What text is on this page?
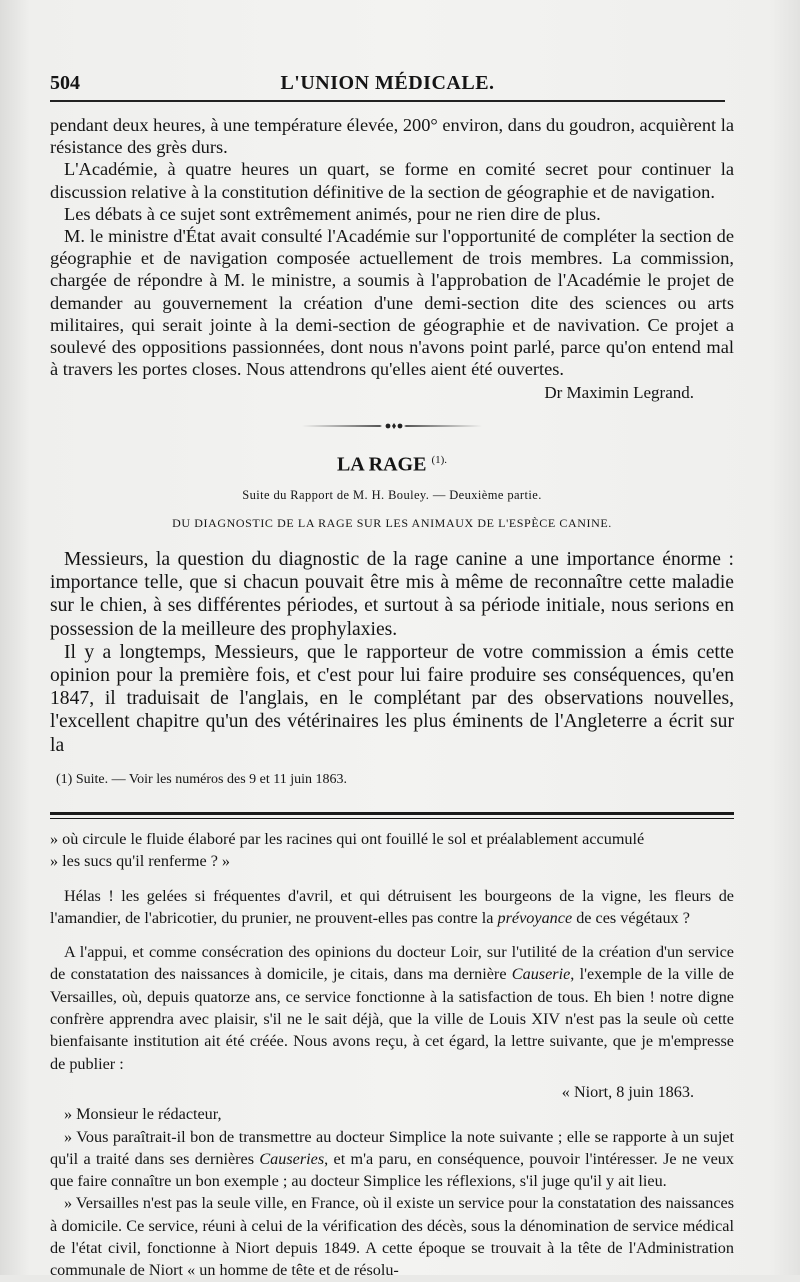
504	L'UNION MÉDICALE.

pendant deux heures, à une température élevée, 200° environ, dans du goudron, acquièrent la résistance des grès durs.

L'Académie, à quatre heures un quart, se forme en comité secret pour continuer la discussion relative à la constitution définitive de la section de géographie et de navigation.

Les débats à ce sujet sont extrêmement animés, pour ne rien dire de plus.

M. le ministre d'État avait consulté l'Académie sur l'opportunité de compléter la section de géographie et de navigation composée actuellement de trois membres. La commission, chargée de répondre à M. le ministre, a soumis à l'approbation de l'Académie le projet de demander au gouvernement la création d'une demi-section dite des sciences ou arts militaires, qui serait jointe à la demi-section de géographie et de navivation. Ce projet a soulevé des oppositions passionnées, dont nous n'avons point parlé, parce qu'on entend mal à travers les portes closes. Nous attendrons qu'elles aient été ouvertes.

Dr Maximin Legrand.
LA RAGE $^{(1).}$
Suite du Rapport de M. H. Bouley. — Deuxième partie.
DU DIAGNOSTIC DE LA RAGE SUR LES ANIMAUX DE L'ESPÈCE CANINE.

Messieurs, la question du diagnostic de la rage canine a une importance énorme : importance telle, que si chacun pouvait être mis à même de reconnaître cette maladie sur le chien, à ses différentes périodes, et surtout à sa période initiale, nous serions en possession de la meilleure des prophylaxies.

Il y a longtemps, Messieurs, que le rapporteur de votre commission a émis cette opinion pour la première fois, et c'est pour lui faire produire ses conséquences, qu'en 1847, il traduisait de l'anglais, en le complétant par des observations nouvelles, l'excellent chapitre qu'un des vétérinaires les plus éminents de l'Angleterre a écrit sur la

(1) Suite. — Voir les numéros des 9 et 11 juin 1863.

» où circule le fluide élaboré par les racines qui ont fouillé le sol et préalablement accumulé

» les sucs qu'il renferme ? »

Hélas ! les gelées si fréquentes d'avril, et qui détruisent les bourgeons de la vigne, les fleurs de l'amandier, de l'abricotier, du prunier, ne prouvent-elles pas contre la prévoyance de ces végétaux ?

A l'appui, et comme consécration des opinions du docteur Loir, sur l'utilité de la création d'un service de constatation des naissances à domicile, je citais, dans ma dernière Causerie, l'exemple de la ville de Versailles, où, depuis quatorze ans, ce service fonctionne à la satisfaction de tous. Eh bien ! notre digne confrère apprendra avec plaisir, s'il ne le sait déjà, que la ville de Louis XIV n'est pas la seule où cette bienfaisante institution ait été créée. Nous avons reçu, à cet égard, la lettre suivante, que je m'empresse de publier :

« Niort, 8 juin 1863.

» Monsieur le rédacteur,

» Vous paraîtrait-il bon de transmettre au docteur Simplice la note suivante ; elle se rapporte à un sujet qu'il a traité dans ses dernières Causeries, et m'a paru, en conséquence, pouvoir l'intéresser. Je ne veux que faire connaître un bon exemple ; au docteur Simplice les réflexions, s'il juge qu'il y ait lieu.

» Versailles n'est pas la seule ville, en France, où il existe un service pour la constatation des naissances à domicile. Ce service, réuni à celui de la vérification des décès, sous la dénomination de service médical de l'état civil, fonctionne à Niort depuis 1849. A cette époque se trouvait à la tête de l'Administration communale de Niort « un homme de tête et de résolu-
